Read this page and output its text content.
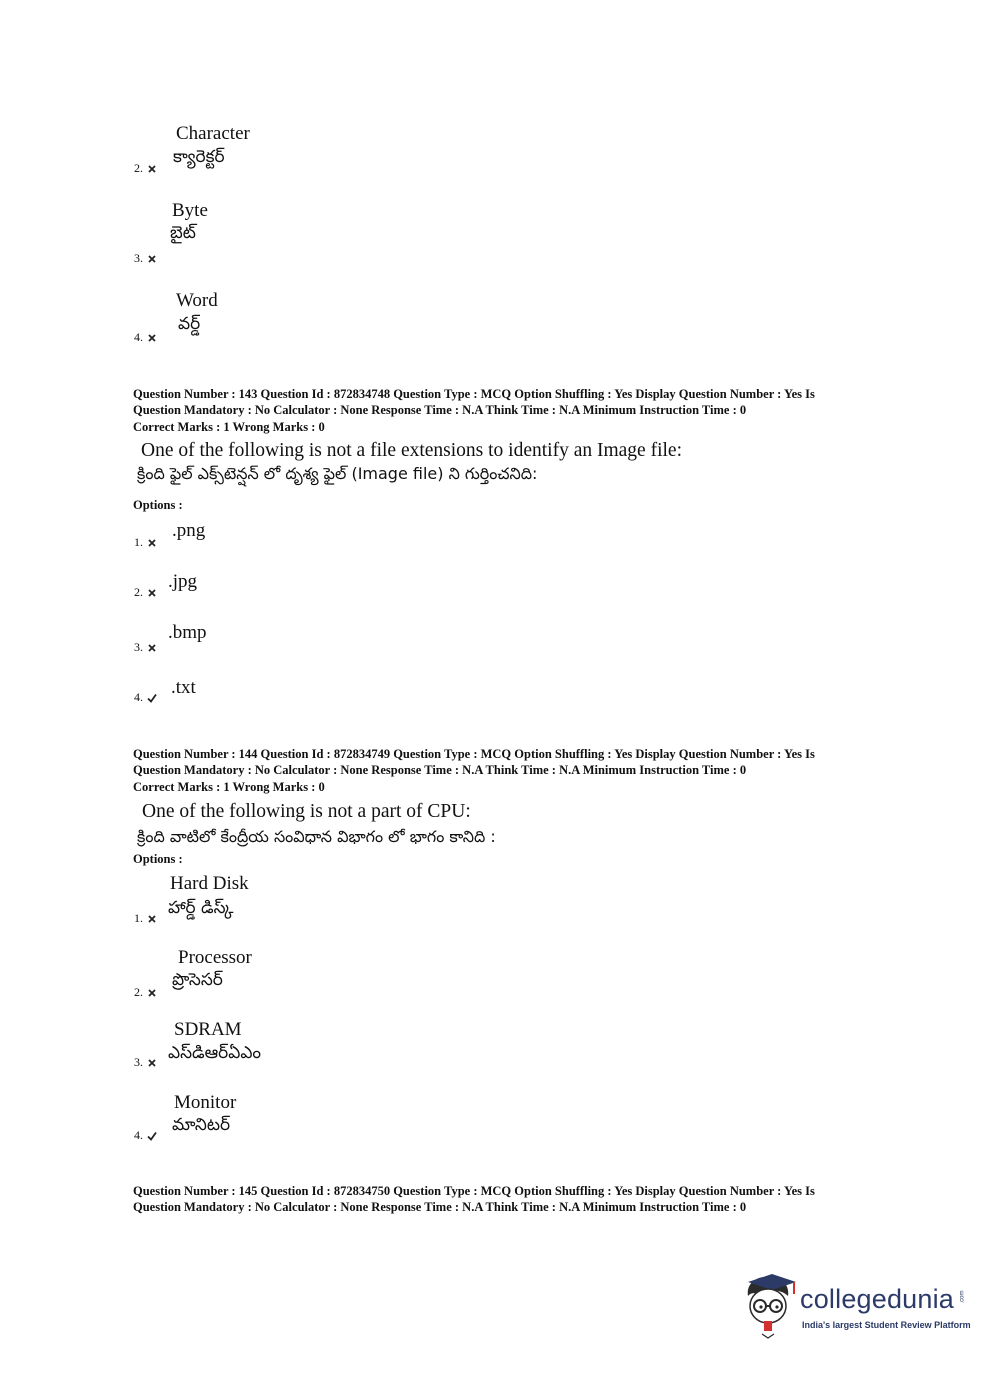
Character
క్యారెక్టర్
2.
Byte
బైట్
3.
Word
వర్డ్
4.
Question Number : 143 Question Id : 872834748 Question Type : MCQ Option Shuffling : Yes Display Question Number : Yes Is
Question Mandatory : No Calculator : None Response Time : N.A Think Time : N.A Minimum Instruction Time : 0
Correct Marks : 1 Wrong Marks : 0
One of the following is not a file extensions to identify an Image file:
క్రింది ఫైల్ ఎక్స్‌టెన్షన్ లో దృశ్య ఫైల్ (Image file) ని గుర్తించనిది:
Options :
.png
1.
.jpg
2.
.bmp
3.
.txt
4.
Question Number : 144 Question Id : 872834749 Question Type : MCQ Option Shuffling : Yes Display Question Number : Yes Is
Question Mandatory : No Calculator : None Response Time : N.A Think Time : N.A Minimum Instruction Time : 0
Correct Marks : 1 Wrong Marks : 0
One of the following is not a part of CPU:
క్రింది వాటిలో కేంద్రీయ సంవిధాన విభాగం లో భాగం కానిది :
Options :
Hard Disk
హార్డ్ డిస్క్
1.
Processor
ప్రొసెసర్
2.
SDRAM
ఎస్‌డిఆర్ఏఎం
3.
Monitor
మానిటర్
4.
Question Number : 145 Question Id : 872834750 Question Type : MCQ Option Shuffling : Yes Display Question Number : Yes Is
Question Mandatory : No Calculator : None Response Time : N.A Think Time : N.A Minimum Instruction Time : 0
collegedunia .com
India's largest Student Review Platform
